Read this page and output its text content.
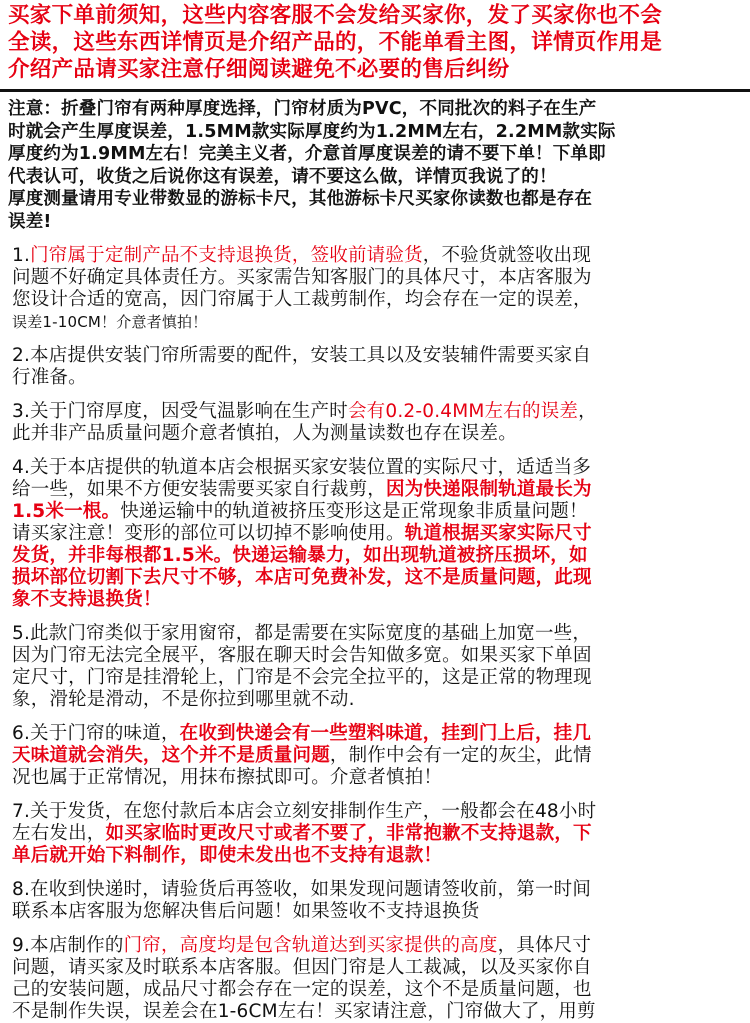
买家下单前须知，这些内容客服不会发给买家你，发了买家你也不会
全读，这些东西详情页是介绍产品的，不能单看主图，详情页作用是
介绍产品请买家注意仔细阅读避免不必要的售后纠纷
注意：折叠门帘有两种厚度选择，门帘材质为PVC，不同批次的料子在生产
时就会产生厚度误差，1.5MM款实际厚度约为1.2MM左右，2.2MM款实际
厚度约为1.9MM左右！完美主义者，介意首厚度误差的请不要下单！下单即
代表认可，收货之后说你这有误差，请不要这么做，详情页我说了的！
厚度测量请用专业带数显的游标卡尺，其他游标卡尺买家你读数也都是存在
误差!
1.门帘属于定制产品不支持退换货，签收前请验货，不验货就签收出现
问题不好确定具体责任方。买家需告知客服门的具体尺寸，本店客服为
您设计合适的宽高，因门帘属于人工裁剪制作，均会存在一定的误差，
误差1-10CM！介意者慎拍！
2.本店提供安装门帘所需要的配件，安装工具以及安装辅件需要买家自
行准备。
3.关于门帘厚度，因受气温影响在生产时会有0.2-0.4MM左右的误差，
此并非产品质量问题介意者慎拍，人为测量读数也存在误差。
4.关于本店提供的轨道本店会根据买家安装位置的实际尺寸，适适当多
给一些，如果不方便安装需要买家自行裁剪，因为快递限制轨道最长为
1.5米一根。快递运输中的轨道被挤压变形这是正常现象非质量问题！
请买家注意！变形的部位可以切掉不影响使用。轨道根据买家实际尺寸
发货，并非每根都1.5米。快递运输暴力，如出现轨道被挤压损坏，如
损坏部位切割下去尺寸不够，本店可免费补发，这不是质量问题，此现
象不支持退换货！
5.此款门帘类似于家用窗帘，都是需要在实际宽度的基础上加宽一些，
因为门帘无法完全展平，客服在聊天时会告知做多宽。如果买家下单固
定尺寸，门帘是挂滑轮上，门帘是不会完全拉平的，这是正常的物理现
象，滑轮是滑动，不是你拉到哪里就不动.
6.关于门帘的味道，在收到快递会有一些塑料味道，挂到门上后，挂几
天味道就会消失，这个并不是质量问题，制作中会有一定的灰尘，此情
况也属于正常情况，用抹布擦拭即可。介意者慎拍！
7.关于发货，在您付款后本店会立刻安排制作生产，一般都会在48小时
左右发出，如买家临时更改尺寸或者不要了，非常抱歉不支持退款，下
单后就开始下料制作，即使未发出也不支持有退款！
8.在收到快递时，请验货后再签收，如果发现问题请签收前，第一时间
联系本店客服为您解决售后问题！如果签收不支持退换货
9.本店制作的门帘，高度均是包含轨道达到买家提供的高度，具体尺寸
问题，请买家及时联系本店客服。但因门帘是人工裁减，以及买家你自
己的安装问题，成品尺寸都会存在一定的误差，这个不是质量问题，也
不是制作失误，误差会在1-6CM左右！买家请注意，门帘做大了，用剪
